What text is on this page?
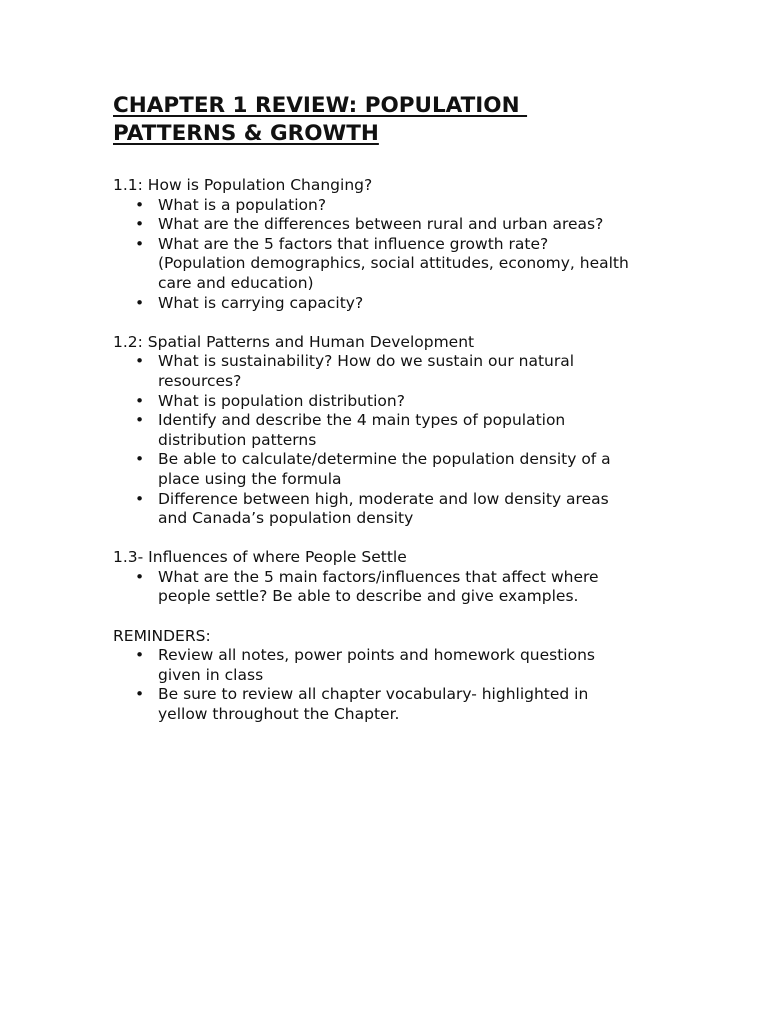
CHAPTER 1 REVIEW: POPULATION
PATTERNS & GROWTH

1.1: How is Population Changing?

• What is a population?
• What are the differences between rural and urban areas?
• What are the 5 factors that influence growth rate?
(Population demographics, social attitudes, economy, health
care and education)
• What is carrying capacity?

1.2: Spatial Patterns and Human Development

• What is sustainability? How do we sustain our natural
resources?
• What is population distribution?
• Identify and describe the 4 main types of population
distribution patterns
• Be able to calculate/determine the population density of a
place using the formula
• Difference between high, moderate and low density areas
and Canada’s population density

1.3- Influences of where People Settle

• What are the 5 main factors/influences that affect where
people settle? Be able to describe and give examples.

REMINDERS:

• Review all notes, power points and homework questions
given in class
• Be sure to review all chapter vocabulary- highlighted in
yellow throughout the Chapter.
